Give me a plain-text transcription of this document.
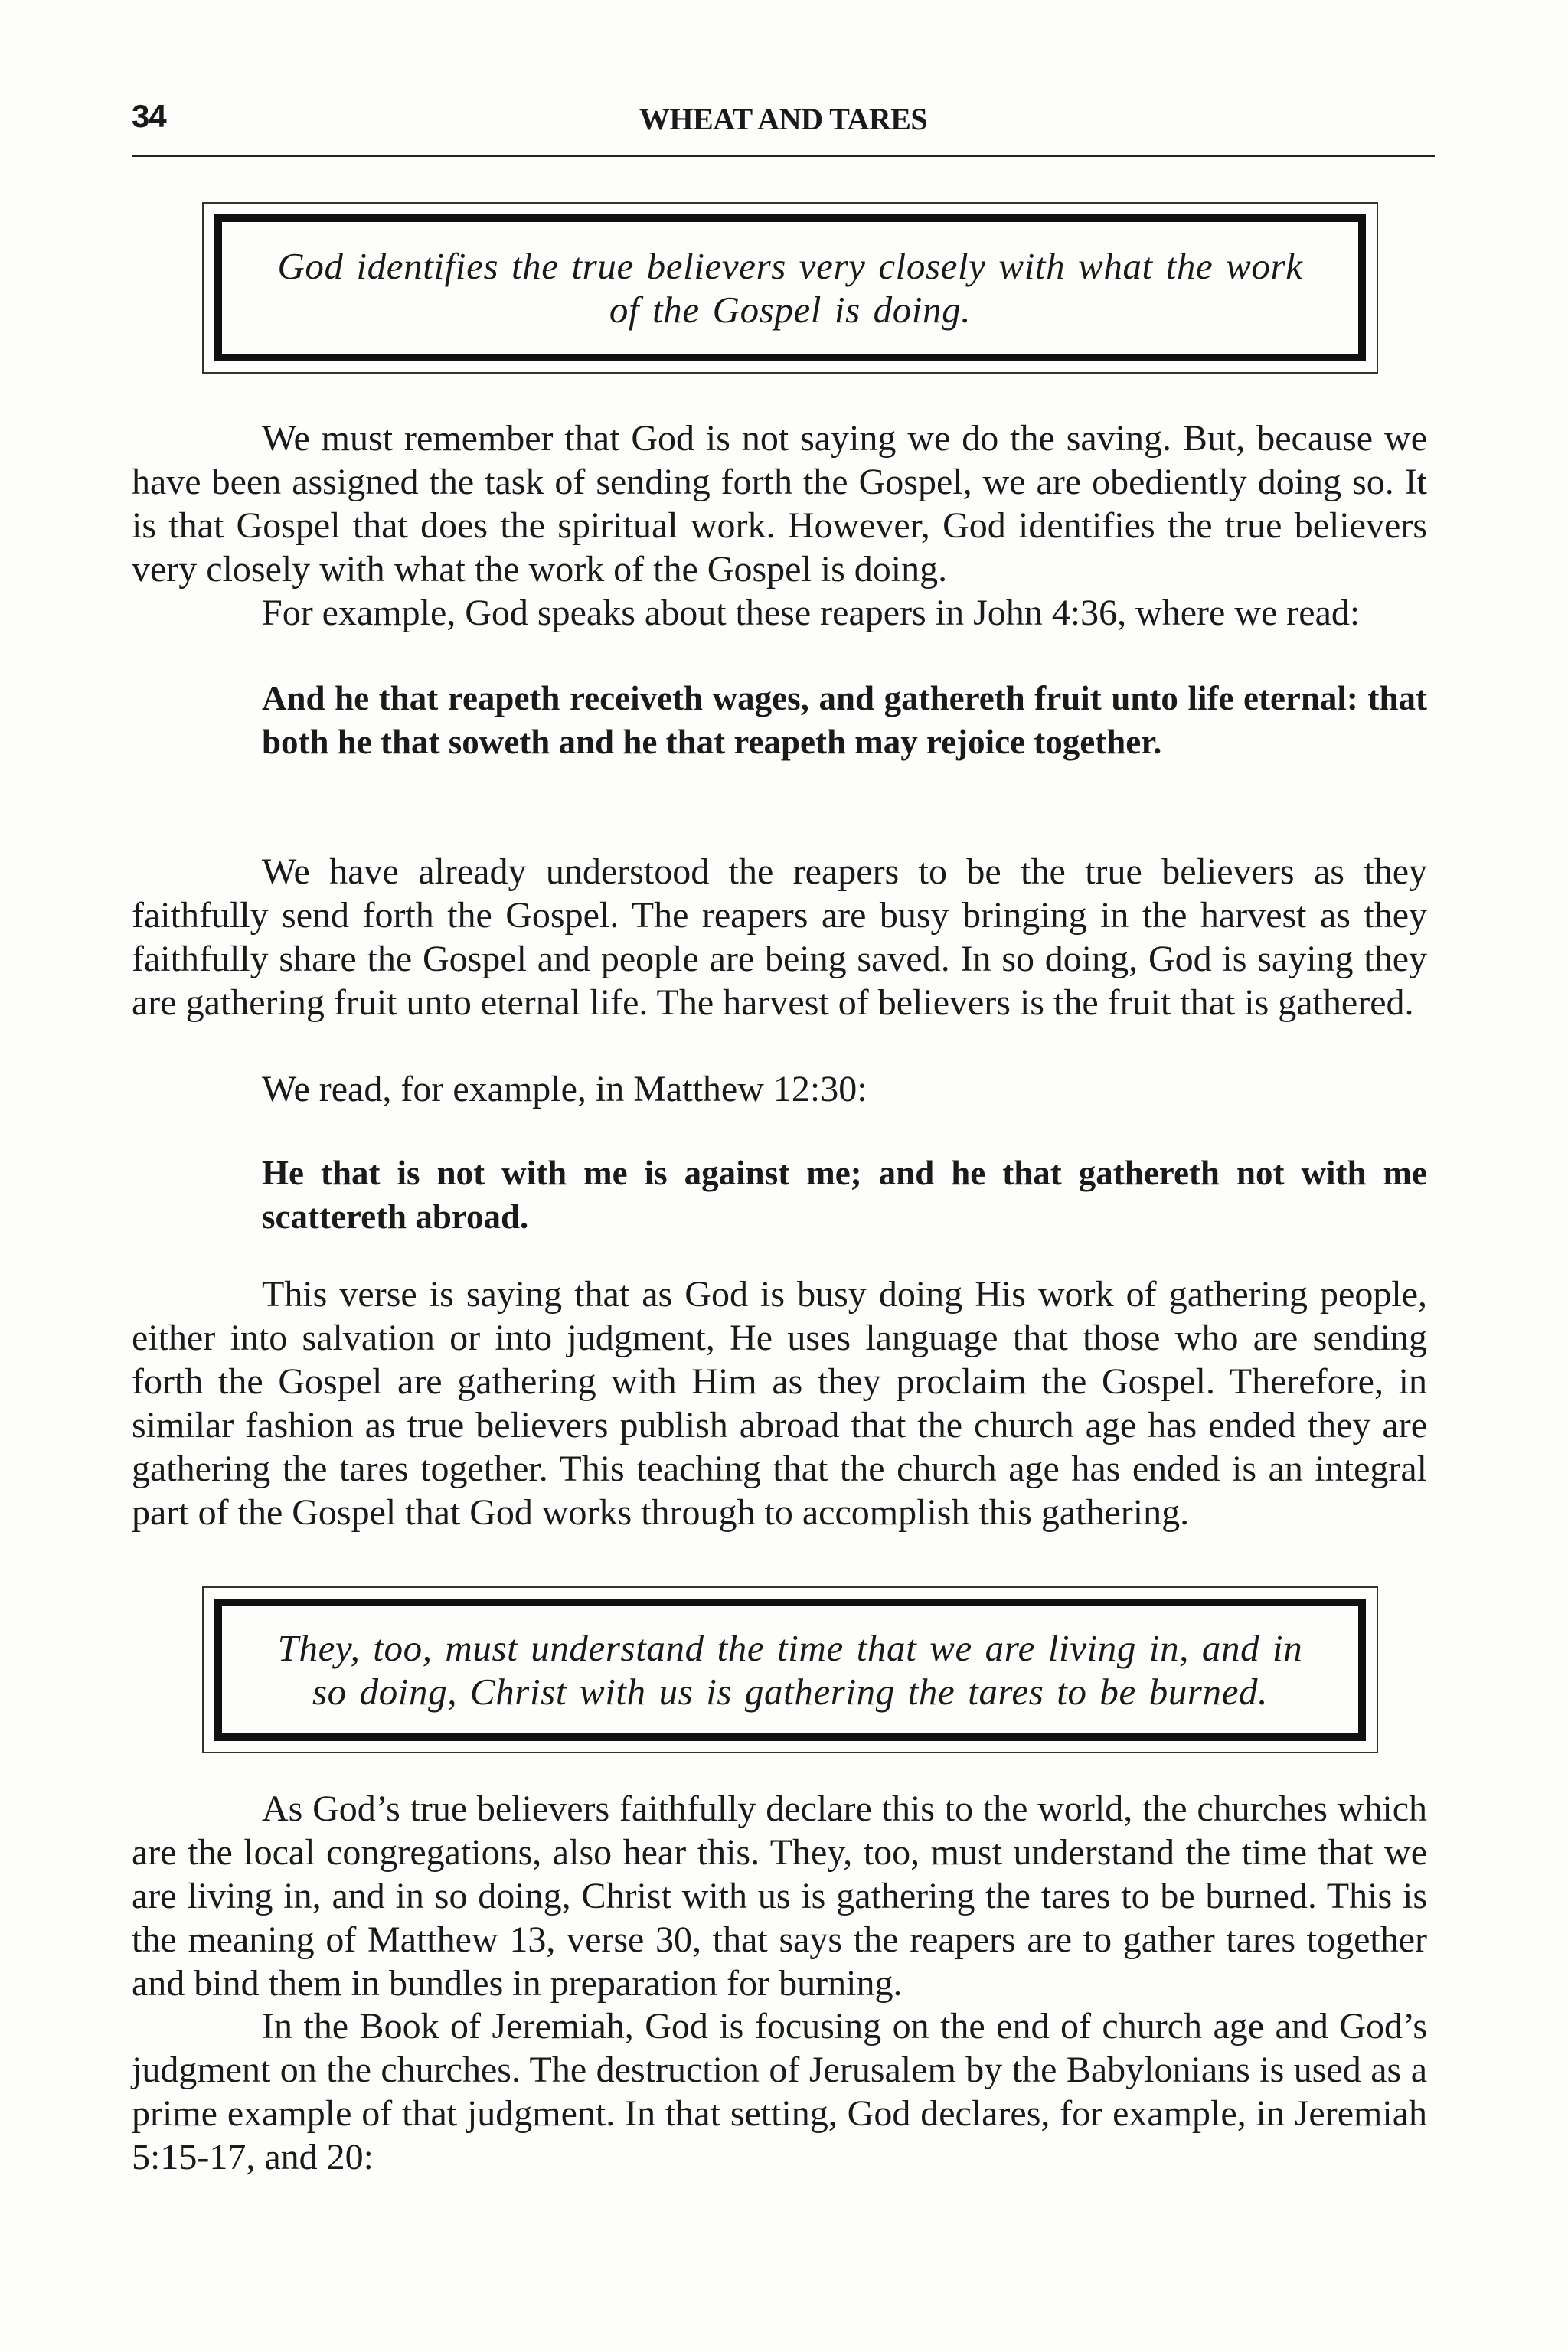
34	WHEAT AND TARES

God identifies the true believers very closely with what the work of the Gospel is doing.

We must remember that God is not saying we do the saving. But, because we have been assigned the task of sending forth the Gospel, we are obediently doing so. It is that Gospel that does the spiritual work. However, God identifies the true believers very closely with what the work of the Gospel is doing.

For example, God speaks about these reapers in John 4:36, where we read:

And he that reapeth receiveth wages, and gathereth fruit unto life eternal: that both he that soweth and he that reapeth may rejoice together.

We have already understood the reapers to be the true believers as they faithfully send forth the Gospel. The reapers are busy bringing in the harvest as they faithfully share the Gospel and people are being saved. In so doing, God is saying they are gathering fruit unto eternal life. The harvest of believers is the fruit that is gathered.

We read, for example, in Matthew 12:30:

He that is not with me is against me; and he that gathereth not with me scattereth abroad.

This verse is saying that as God is busy doing His work of gathering people, either into salvation or into judgment, He uses language that those who are sending forth the Gospel are gathering with Him as they proclaim the Gospel. Therefore, in similar fashion as true believers publish abroad that the church age has ended they are gathering the tares together. This teaching that the church age has ended is an integral part of the Gospel that God works through to accomplish this gathering.

They, too, must understand the time that we are living in, and in so doing, Christ with us is gathering the tares to be burned.

As God’s true believers faithfully declare this to the world, the churches which are the local congregations, also hear this. They, too, must understand the time that we are living in, and in so doing, Christ with us is gathering the tares to be burned. This is the meaning of Matthew 13, verse 30, that says the reapers are to gather tares together and bind them in bundles in preparation for burning.

In the Book of Jeremiah, God is focusing on the end of church age and God’s judgment on the churches. The destruction of Jerusalem by the Babylonians is used as a prime example of that judgment. In that setting, God declares, for example, in Jeremiah 5:15-17, and 20:
